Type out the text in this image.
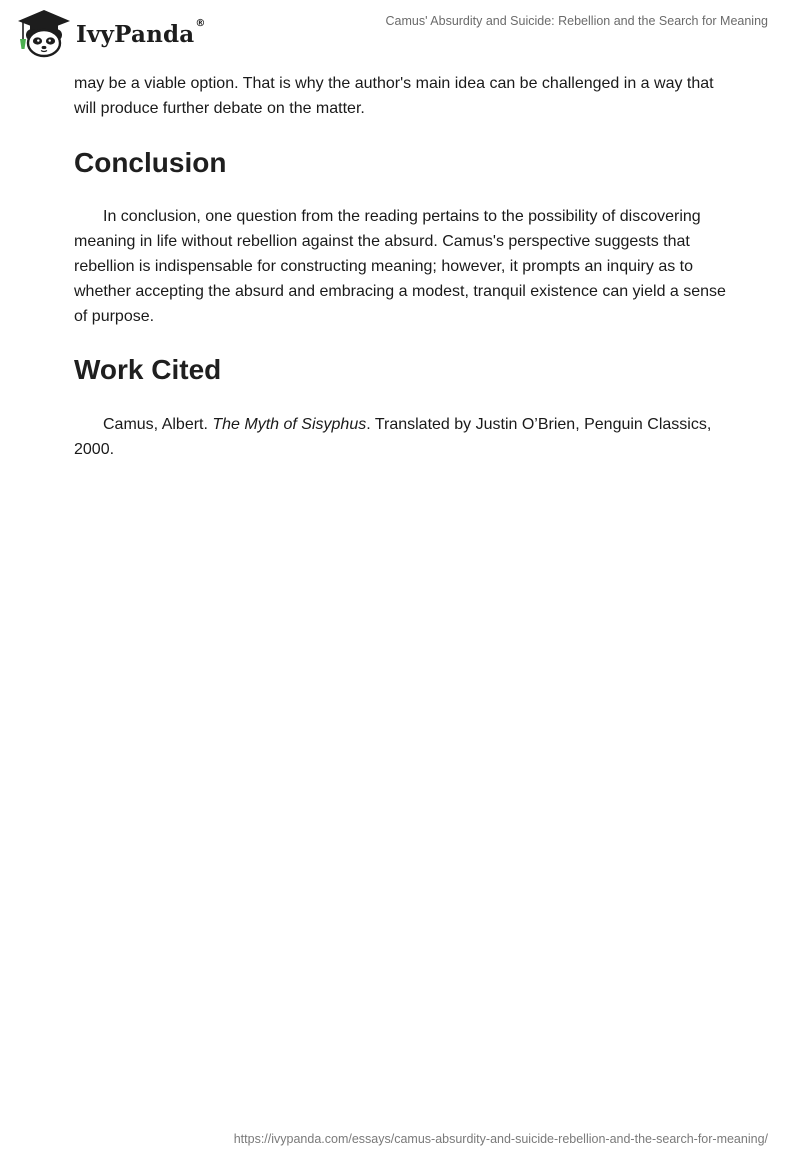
IvyPanda ®	Camus' Absurdity and Suicide: Rebellion and the Search for Meaning

may be a viable option. That is why the author's main idea can be challenged in a way that will produce further debate on the matter.

Conclusion

In conclusion, one question from the reading pertains to the possibility of discovering meaning in life without rebellion against the absurd. Camus's perspective suggests that rebellion is indispensable for constructing meaning; however, it prompts an inquiry as to whether accepting the absurd and embracing a modest, tranquil existence can yield a sense of purpose.

Work Cited

Camus, Albert. The Myth of Sisyphus. Translated by Justin O’Brien, Penguin Classics, 2000.

https://ivypanda.com/essays/camus-absurdity-and-suicide-rebellion-and-the-search-for-meaning/
